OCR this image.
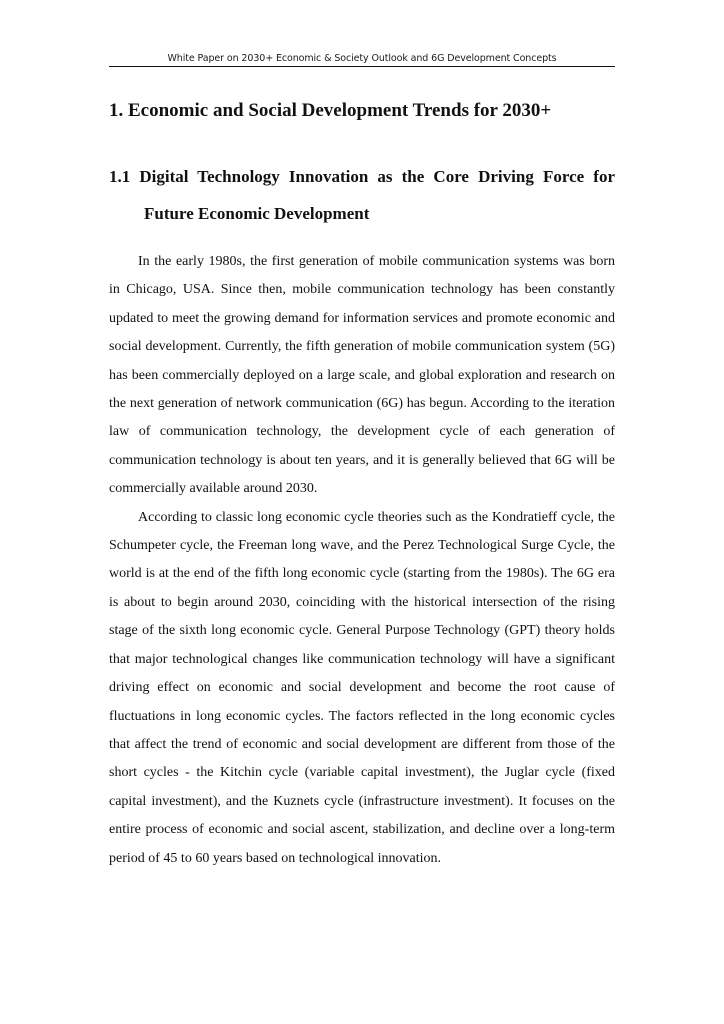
White Paper on 2030+ Economic & Society Outlook and 6G Development Concepts
1. Economic and Social Development Trends for 2030+
1.1 Digital Technology Innovation as the Core Driving Force for
Future Economic Development

In the early 1980s, the first generation of mobile communication systems was born in Chicago, USA. Since then, mobile communication technology has been constantly updated to meet the growing demand for information services and promote economic and social development. Currently, the fifth generation of mobile communication system (5G) has been commercially deployed on a large scale, and global exploration and research on the next generation of network communication (6G) has begun. According to the iteration law of communication technology, the development cycle of each generation of communication technology is about ten years, and it is generally believed that 6G will be commercially available around 2030.

According to classic long economic cycle theories such as the Kondratieff cycle, the Schumpeter cycle, the Freeman long wave, and the Perez Technological Surge Cycle, the world is at the end of the fifth long economic cycle (starting from the 1980s). The 6G era is about to begin around 2030, coinciding with the historical intersection of the rising stage of the sixth long economic cycle. General Purpose Technology (GPT) theory holds that major technological changes like communication technology will have a significant driving effect on economic and social development and become the root cause of fluctuations in long economic cycles. The factors reflected in the long economic cycles that affect the trend of economic and social development are different from those of the short cycles - the Kitchin cycle (variable capital investment), the Juglar cycle (fixed capital investment), and the Kuznets cycle (infrastructure investment). It focuses on the entire process of economic and social ascent, stabilization, and decline over a long-term period of 45 to 60 years based on technological innovation.
